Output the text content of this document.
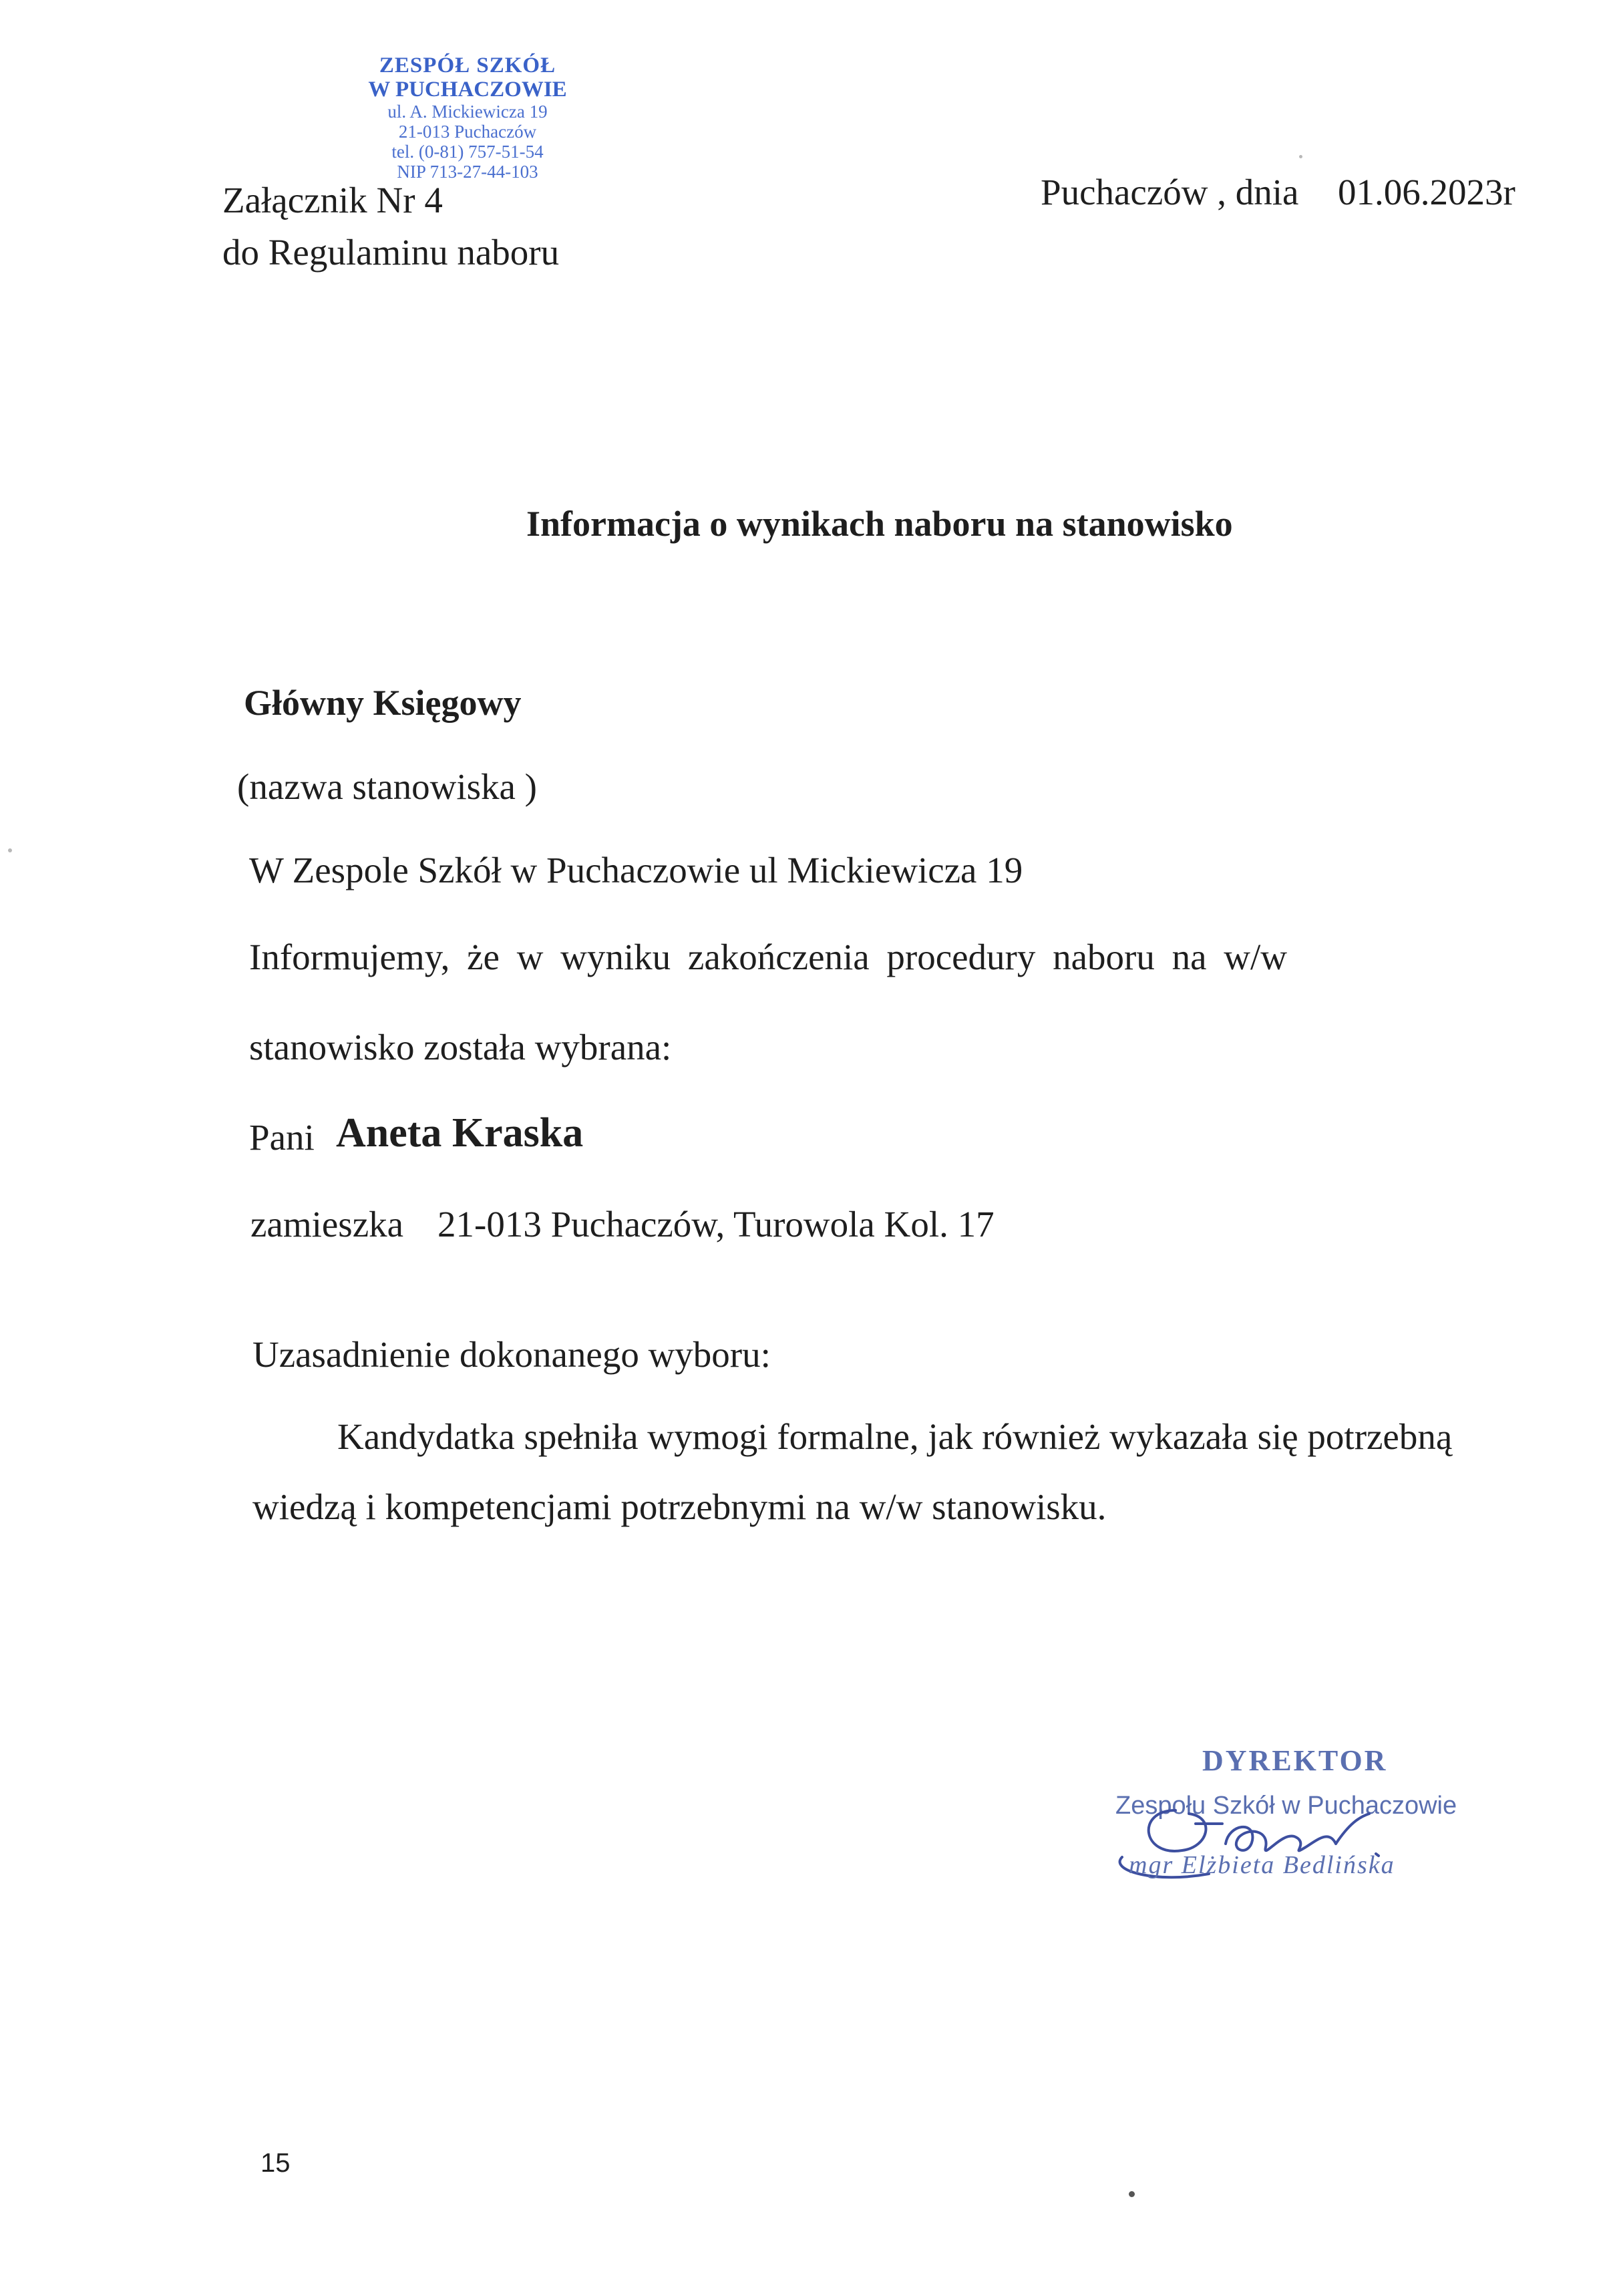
ZESPÓŁ SZKÓŁ
W PUCHACZOWIE
ul. A. Mickiewicza 19
21-013 Puchaczów
tel. (0-81) 757-51-54
NIP 713-27-44-103
Załącznik Nr 4
do Regulaminu naboru
Puchaczów , dnia 01.06.2023r
Informacja o wynikach naboru na stanowisko
Główny Księgowy
(nazwa stanowiska )
W Zespole Szkół w Puchaczowie ul Mickiewicza 19
Informujemy, że w wyniku zakończenia procedury naboru na w/w
stanowisko została wybrana:
Pani Aneta Kraska
zamieszka 21-013 Puchaczów, Turowola Kol. 17
Uzasadnienie dokonanego wyboru:
Kandydatka spełniła wymogi formalne, jak również wykazała się potrzebną
wiedzą i kompetencjami potrzebnymi na w/w stanowisku.
DYREKTOR
Zespołu Szkół w Puchaczowie
mgr Elżbieta Bedlińska
15
